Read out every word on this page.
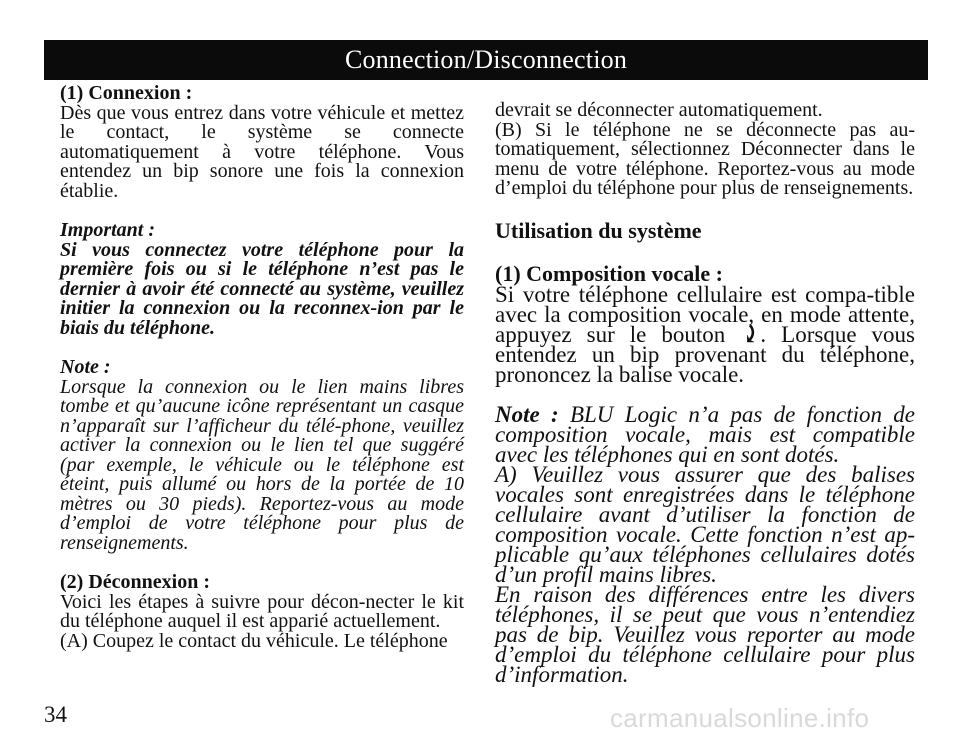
Connection/Disconnection

(1) Connexion :

Dès que vous entrez dans votre véhicule et mettez le contact, le système se connecte automatiquement à votre téléphone. Vous entendez un bip sonore une fois la connexion établie.

Important :

Si vous connectez votre téléphone pour la première fois ou si le téléphone n’est pas le dernier à avoir été connecté au système, veuillez initier la connexion ou la reconnex-ion par le biais du téléphone.

Note :

Lorsque la connexion ou le lien mains libres tombe et qu’aucune icône représentant un casque n’apparaît sur l’afficheur du télé-phone, veuillez activer la connexion ou le lien tel que suggéré (par exemple, le véhicule ou le téléphone est éteint, puis allumé ou hors de la portée de 10 mètres ou 30 pieds). Reportez-vous au mode d’emploi de votre téléphone pour plus de renseignements.

(2) Déconnexion :

Voici les étapes à suivre pour décon-necter le kit du téléphone auquel il est apparié actuellement.

(A) Coupez le contact du véhicule. Le téléphone

devrait se déconnecter automatiquement.

(B) Si le téléphone ne se déconnecte pas au-tomatiquement, sélectionnez Déconnecter dans le menu de votre téléphone. Reportez-vous au mode d’emploi du téléphone pour plus de renseignements.

Utilisation du système

(1) Composition vocale :

Si votre téléphone cellulaire est compa-tible avec la composition vocale, en mode attente, appuyez sur le bouton ⤸. Lorsque vous entendez un bip provenant du téléphone, prononcez la balise vocale.

Note : BLU Logic n’a pas de fonction de composition vocale, mais est compatible avec les téléphones qui en sont dotés.

A) Veuillez vous assurer que des balises vocales sont enregistrées dans le téléphone cellulaire avant d’utiliser la fonction de composition vocale. Cette fonction n’est ap-plicable qu’aux téléphones cellulaires dotés d’un profil mains libres.

En raison des différences entre les divers téléphones, il se peut que vous n’entendiez pas de bip. Veuillez vous reporter au mode d’emploi du téléphone cellulaire pour plus d’information.

34	carmanualsonline.info
